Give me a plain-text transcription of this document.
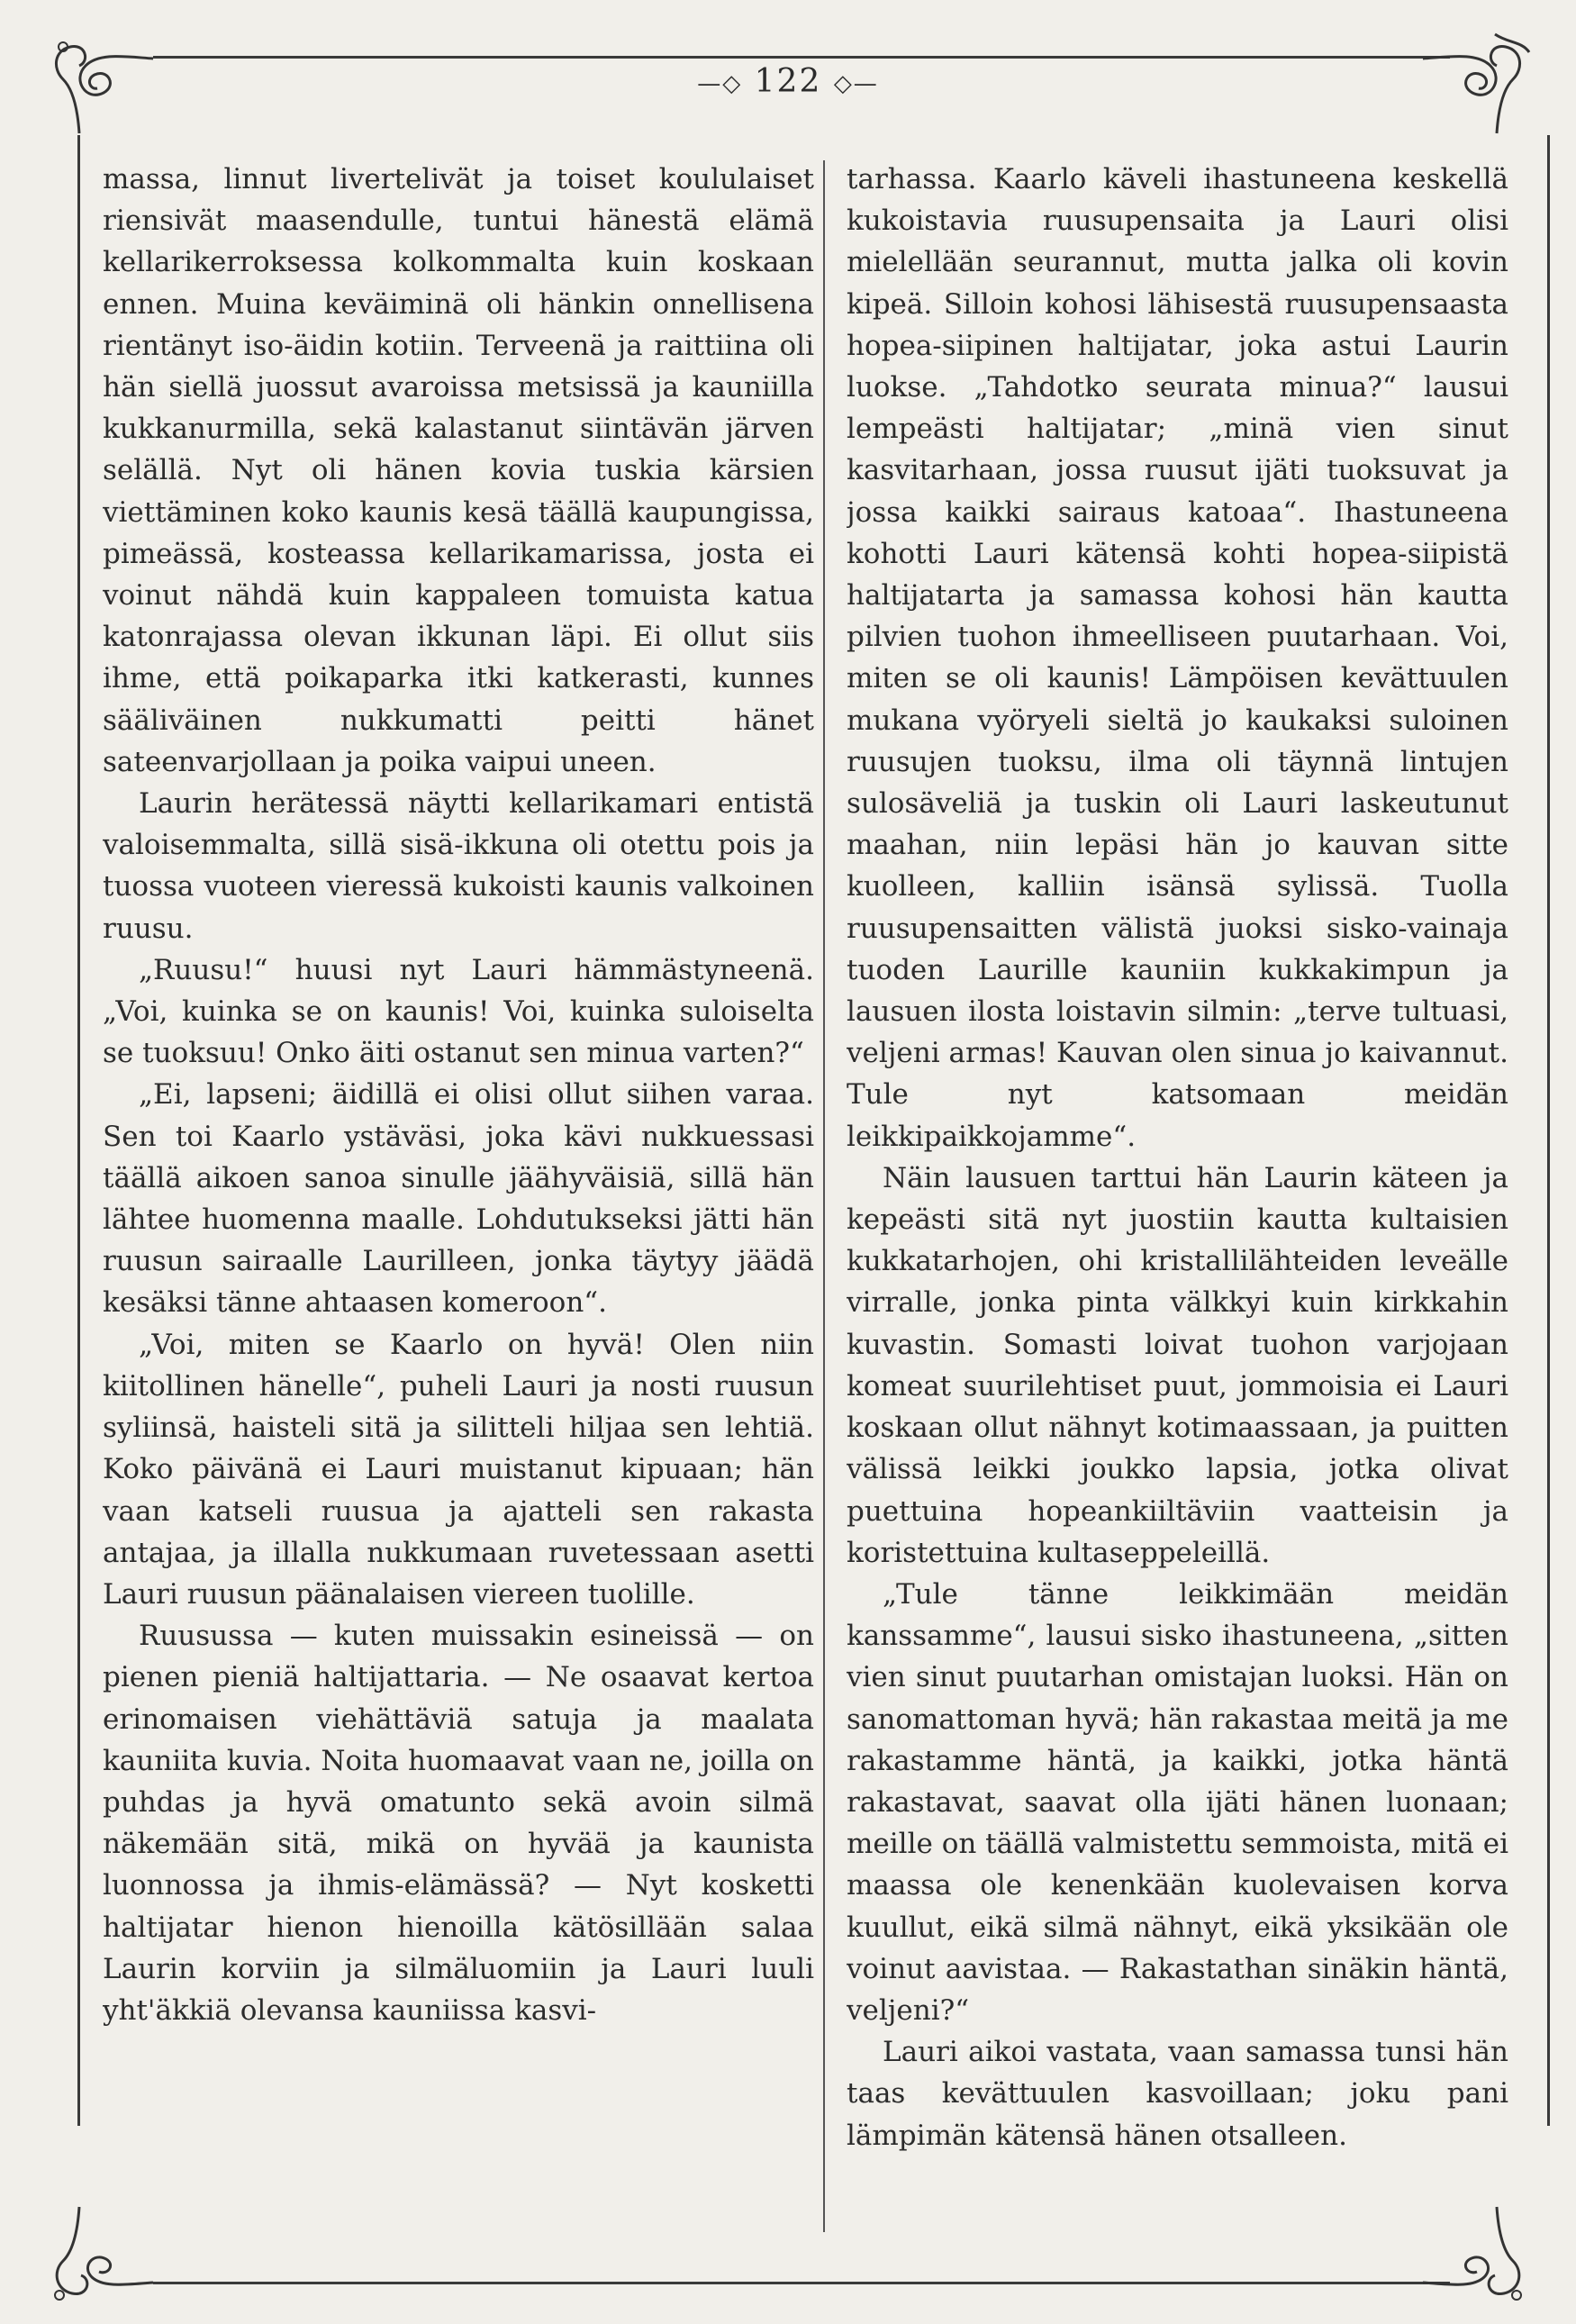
—◇ 122 ◇—

massa, linnut livertelivät ja toiset koululaiset riensivät maasendulle, tuntui hänestä elämä kellarikerroksessa kolkommalta kuin koskaan ennen. Muina keväiminä oli hänkin onnellisena rientänyt iso-äidin kotiin. Terveenä ja raittiina oli hän siellä juossut avaroissa metsissä ja kauniilla kukkanurmilla, sekä kalastanut siintävän järven selällä. Nyt oli hänen kovia tuskia kärsien viettäminen koko kaunis kesä täällä kaupungissa, pimeässä, kosteassa kellarikamarissa, josta ei voinut nähdä kuin kappaleen tomuista katua katonrajassa olevan ikkunan läpi. Ei ollut siis ihme, että poikaparka itki katkerasti, kunnes sääliväinen nukkumatti peitti hänet sateenvarjollaan ja poika vaipui uneen.

Laurin herätessä näytti kellarikamari entistä valoisemmalta, sillä sisä-ikkuna oli otettu pois ja tuossa vuoteen vieressä kukoisti kaunis valkoinen ruusu.

„Ruusu!“ huusi nyt Lauri hämmästyneenä. „Voi, kuinka se on kaunis! Voi, kuinka suloiselta se tuoksuu! Onko äiti ostanut sen minua varten?“

„Ei, lapseni; äidillä ei olisi ollut siihen varaa. Sen toi Kaarlo ystäväsi, joka kävi nukkuessasi täällä aikoen sanoa sinulle jäähyväisiä, sillä hän lähtee huomenna maalle. Lohdutukseksi jätti hän ruusun sairaalle Laurilleen, jonka täytyy jäädä kesäksi tänne ahtaasen komeroon“.

„Voi, miten se Kaarlo on hyvä! Olen niin kiitollinen hänelle“, puheli Lauri ja nosti ruusun syliinsä, haisteli sitä ja silitteli hiljaa sen lehtiä. Koko päivänä ei Lauri muistanut kipuaan; hän vaan katseli ruusua ja ajatteli sen rakasta antajaa, ja illalla nukkumaan ruvetessaan asetti Lauri ruusun päänalaisen viereen tuolille.

Ruusussa — kuten muissakin esineissä — on pienen pieniä haltijattaria. — Ne osaavat kertoa erinomaisen viehättäviä satuja ja maalata kauniita kuvia. Noita huomaavat vaan ne, joilla on puhdas ja hyvä omatunto sekä avoin silmä näkemään sitä, mikä on hyvää ja kaunista luonnossa ja ihmis-elämässä? — Nyt kosketti haltijatar hienon hienoilla kätösillään salaa Laurin korviin ja silmäluomiin ja Lauri luuli yht'äkkiä olevansa kauniissa kasvi-

tarhassa. Kaarlo käveli ihastuneena keskellä kukoistavia ruusupensaita ja Lauri olisi mielellään seurannut, mutta jalka oli kovin kipeä. Silloin kohosi lähisestä ruusupensaasta hopea-siipinen haltijatar, joka astui Laurin luokse. „Tahdotko seurata minua?“ lausui lempeästi haltijatar; „minä vien sinut kasvitarhaan, jossa ruusut ijäti tuoksuvat ja jossa kaikki sairaus katoaa“. Ihastuneena kohotti Lauri kätensä kohti hopea-siipistä haltijatarta ja samassa kohosi hän kautta pilvien tuohon ihmeelliseen puutarhaan. Voi, miten se oli kaunis! Lämpöisen kevättuulen mukana vyöryeli sieltä jo kaukaksi suloinen ruusujen tuoksu, ilma oli täynnä lintujen sulosäveliä ja tuskin oli Lauri laskeutunut maahan, niin lepäsi hän jo kauvan sitte kuolleen, kalliin isänsä sylissä. Tuolla ruusupensaitten välistä juoksi sisko-vainaja tuoden Laurille kauniin kukkakimpun ja lausuen ilosta loistavin silmin: „terve tultuasi, veljeni armas! Kauvan olen sinua jo kaivannut. Tule nyt katsomaan meidän leikkipaikkojamme“.

Näin lausuen tarttui hän Laurin käteen ja kepeästi sitä nyt juostiin kautta kultaisien kukkatarhojen, ohi kristallilähteiden leveälle virralle, jonka pinta välkkyi kuin kirkkahin kuvastin. Somasti loivat tuohon varjojaan komeat suurilehtiset puut, jommoisia ei Lauri koskaan ollut nähnyt kotimaassaan, ja puitten välissä leikki joukko lapsia, jotka olivat puettuina hopeankiiltäviin vaatteisin ja koristettuina kultaseppeleillä.

„Tule tänne leikkimään meidän kanssamme“, lausui sisko ihastuneena, „sitten vien sinut puutarhan omistajan luoksi. Hän on sanomattoman hyvä; hän rakastaa meitä ja me rakastamme häntä, ja kaikki, jotka häntä rakastavat, saavat olla ijäti hänen luonaan; meille on täällä valmistettu semmoista, mitä ei maassa ole kenenkään kuolevaisen korva kuullut, eikä silmä nähnyt, eikä yksikään ole voinut aavistaa. — Rakastathan sinäkin häntä, veljeni?“

Lauri aikoi vastata, vaan samassa tunsi hän taas kevättuulen kasvoillaan; joku pani lämpimän kätensä hänen otsalleen.
